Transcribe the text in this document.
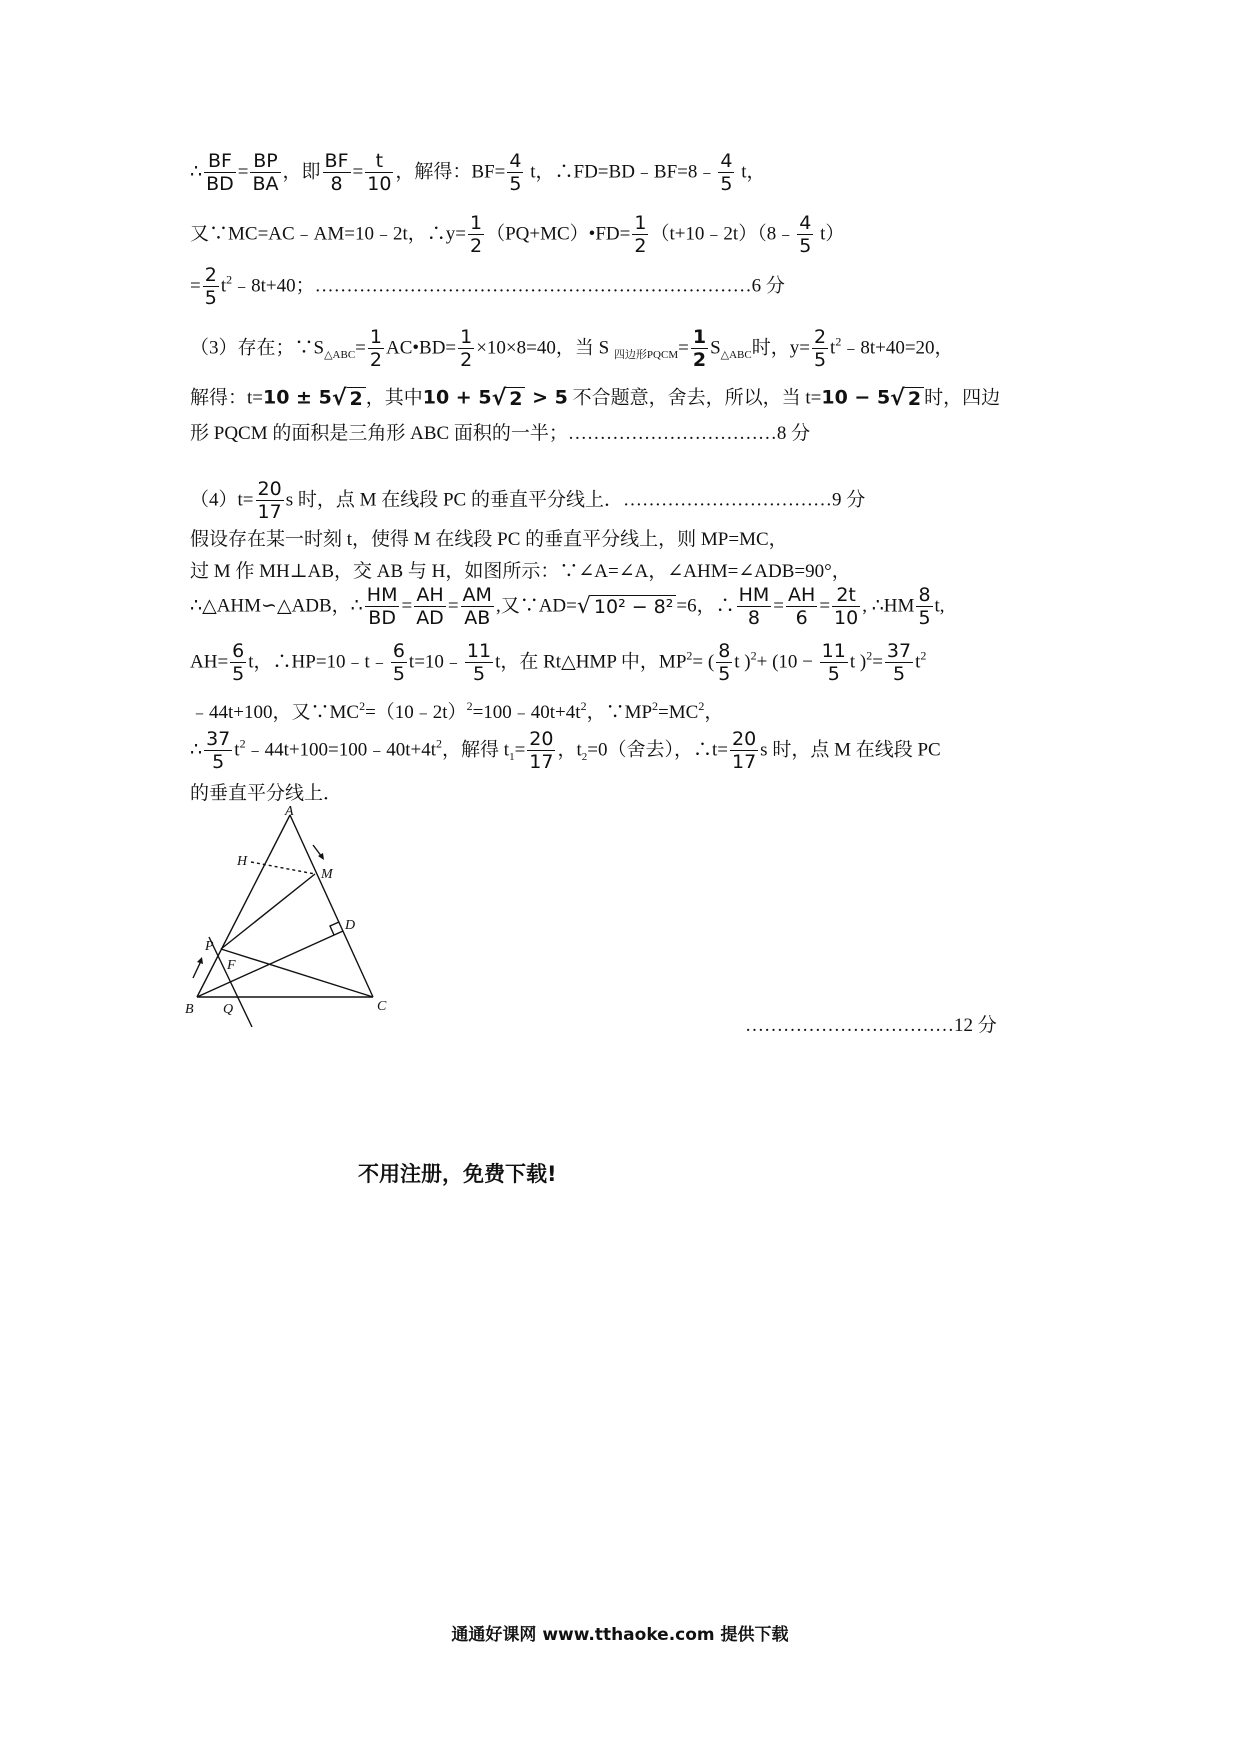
∴ $\frac{BF}{BD} = \frac{BP}{BA}$ ，即 $\frac{BF}{8} = \frac{t}{10}$ ，解得：$BF= \frac{4}{5}$ t，∴FD=BD﹣BF=8﹣ $\frac{4}{5}$ t，
又∵MC=AC﹣AM=10﹣2t，∴y= $\frac{1}{2}$ （PQ+MC）•FD= $\frac{1}{2}$ （t+10﹣2t）（8﹣ $\frac{4}{5} t$）
= $\frac{2}{5}$ $t^2﹣8t+40$；……………………………………………………………6 分
（3）存在；$\because S_{\triangle ABC}= \frac{1}{2}$ AC•BD= $\frac{1}{2} \times 10\times 8=40$，当 S $_{四边形PQCM}= \frac{1}{2} S_{\triangle ABC}$时，$y= \frac{2}{5}$ $t^2﹣8t+40=20$，
解得：t=10 ± 5√ 2 ，其中10 + 5√ 2 > 5 不合题意，舍去，所以，当 t=10 − 5√ 2 时，四边
形 PQCM 的面积是三角形 ABC 面积的一半；……………………………8 分
$(4)t= \frac{20}{17}$ s 时，点 M 在线段 PC 的垂直平分线上．……………………………9 分
假设存在某一时刻 t，使得 M 在线段 PC 的垂直平分线上，则 MP=MC，
过 M 作 MH⊥AB，交 AB 与 H，如图所示：∵∠A=∠A，∠AHM=∠ADB=90°，
∴△AHM∽△ADB，∴ $\frac{HM}{BD} = \frac{AH}{AD} = \frac{AM}{AB}$ ,又∵AD=√ 10² − 8² =6，∴ $\frac{HM}{8} = \frac{AH}{6} = \frac{2t}{10}$ , ∴HM $\frac{8}{5} t$,
$AH= \frac{6}{5}$ t，∴HP=10﹣t﹣ $\frac{6}{5}$ t=10﹣ $\frac{11}{5}$ t，在 Rt△HMP 中，$MP^2=$ ( $\frac{8}{5}$ t )$^2+ (10 - \frac{11}{5}$ t )$^2= \frac{37}{5} t^2$
﹣44t+100，又$\because MC^2=(10﹣2t)^2=100﹣40t+4t^2$，$\because MP^2=MC^2$，
∴ $\frac{37}{5}$ $t^2﹣44t+100=100﹣40t+4t^2$，解得 $t_1= \frac{20}{17}$ ，$t_2=0$（舍去），∴t= $\frac{20}{17}$ s 时，点 M 在线段 PC
的垂直平分线上．
A
H
M
D
P
F
B Q	C
……………………………12 分
不用注册，免费下载!
通通好课网 www.tthaoke.com 提供下载
